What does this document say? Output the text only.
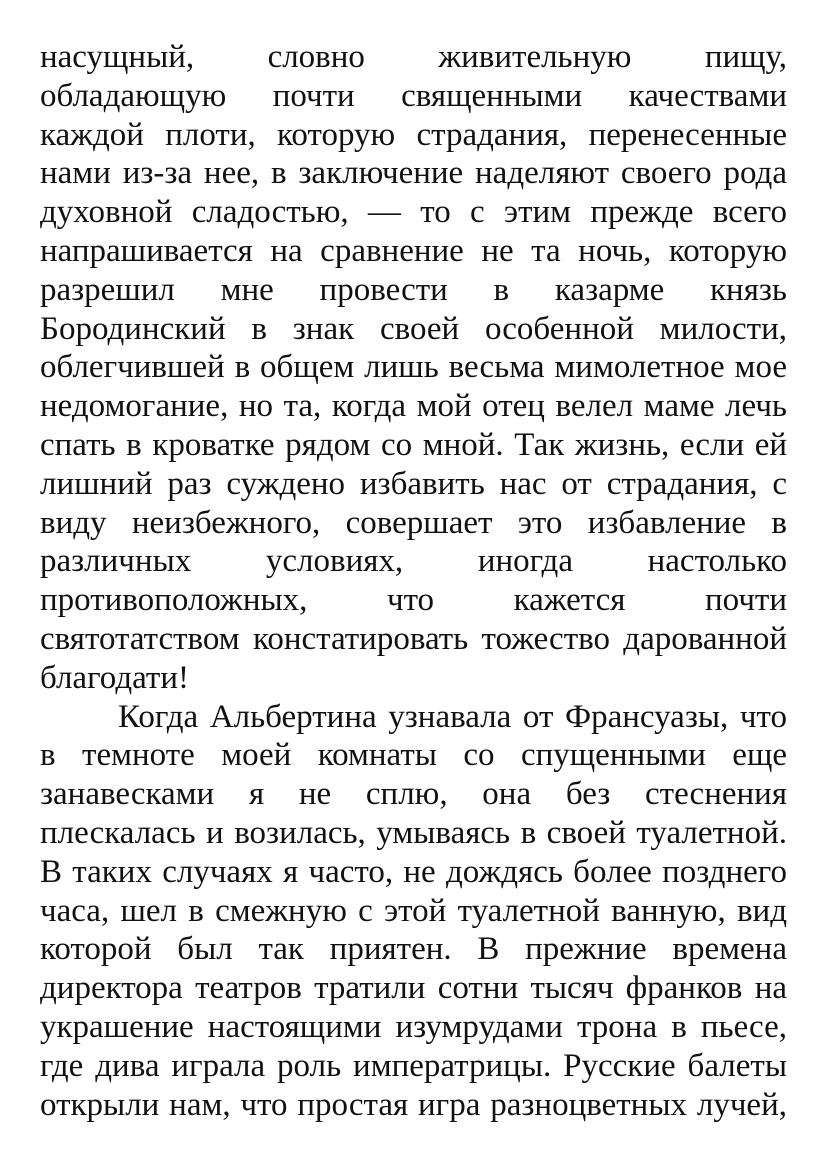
насущный, словно живительную пищу,
обладающую почти священными качествами
каждой плоти, которую страдания, перенесенные
нами из-за нее, в заключение наделяют своего рода
духовной сладостью, — то с этим прежде всего
напрашивается на сравнение не та ночь, которую
разрешил мне провести в казарме князь
Бородинский в знак своей особенной милости,
облегчившей в общем лишь весьма мимолетное мое
недомогание, но та, когда мой отец велел маме лечь
спать в кроватке рядом со мной. Так жизнь, если ей
лишний раз суждено избавить нас от страдания, с
виду неизбежного, совершает это избавление в
различных условиях, иногда настолько
противоположных, что кажется почти
святотатством констатировать тожество дарованной
благодати!
Когда Альбертина узнавала от Франсуазы, что
в темноте моей комнаты со спущенными еще
занавесками я не сплю, она без стеснения
плескалась и возилась, умываясь в своей туалетной.
В таких случаях я часто, не дождясь более позднего
часа, шел в смежную с этой туалетной ванную, вид
которой был так приятен. В прежние времена
директора театров тратили сотни тысяч франков на
украшение настоящими изумрудами трона в пьесе,
где дива играла роль императрицы. Русские балеты
открыли нам, что простая игра разноцветных лучей,
